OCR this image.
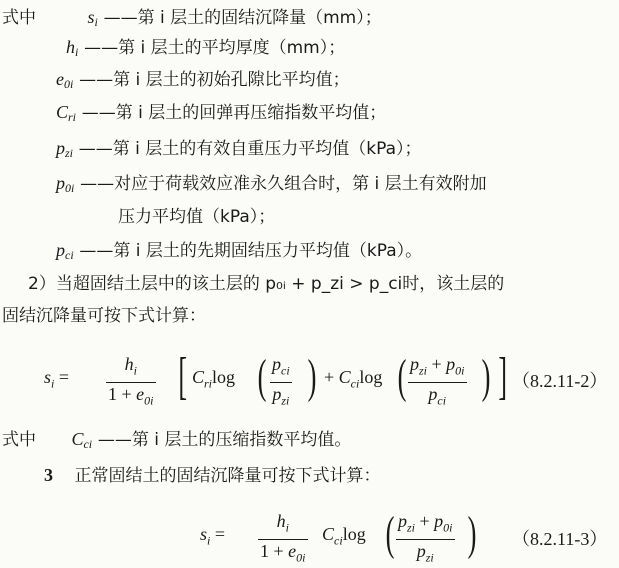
式中	$s_i$ ——第 i 层土的固结沉降量（mm）；
$h_i$ ——第 i 层土的平均厚度（mm）；
$e_{0i}$ ——第 i 层土的初始孔隙比平均值；
$C_{ri}$ ——第 i 层土的回弹再压缩指数平均值；
$p_{zi}$ ——第 i 层土的有效自重压力平均值（kPa）；
$p_{0i}$ ——对应于荷载效应准永久组合时，第 i 层土有效附加
压力平均值（kPa）；
$p_{ci}$ ——第 i 层土的先期固结压力平均值（kPa）。
2）当超固结土层中的该土层的 p₀ᵢ + p_zi > p_ci时，该土层的
固结沉降量可按下式计算：
$s_i = \frac{h_i}{1 + e_{0i}}$ [ $C_{ri}\log$ ( $p_{ci}$
$p_{zi}$ ) + $C_{ci}\log$ ( $p_{zi} + p_{0i}$
$p_{ci}$ ) ] （8.2.11-2）
式中 $C_{ci}$ ——第 i 层土的压缩指数平均值。
3 正常固结土的固结沉降量可按下式计算：
$s_i = \frac{h_i}{1 + e_{0i}} C_{ci}\log$ ( $p_{zi} + p_{0i}$
$p_{zi}$ ) （8.2.11-3）
